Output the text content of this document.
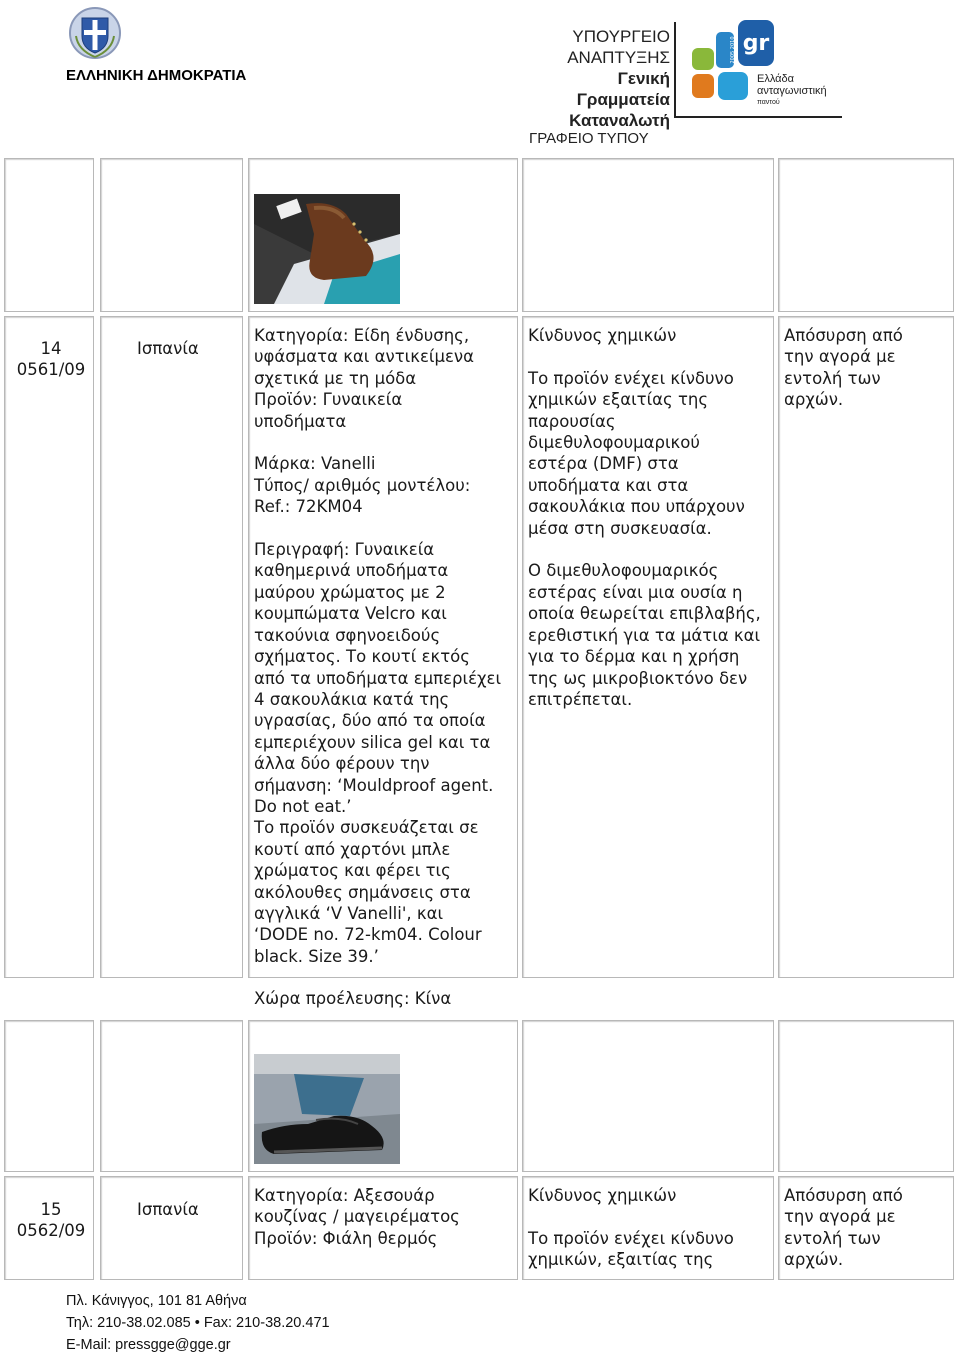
ΕΛΛΗΝΙΚΗ ΔΗΜΟΚΡΑΤΙΑ
ΥΠΟΥΡΓΕΙΟ
ΑΝΑΠΤΥΞΗΣ
Γενική Γραμματεία
Καταναλωτή
gr
2005 2010
Ελλάδα
ανταγωνιστική
παντού
ΓΡΑΦΕΙΟ ΤΥΠΟΥ
14
0561/09
Ισπανία
Κατηγορία: Είδη ένδυσης,
υφάσματα και αντικείμενα
σχετικά με τη μόδα
Προϊόν: Γυναικεία
υποδήματα

Μάρκα: Vanelli
Τύπος/ αριθμός μοντέλου:
Ref.: 72KM04

Περιγραφή: Γυναικεία
καθημερινά υποδήματα
μαύρου χρώματος με 2
κουμπώματα Velcro και
τακούνια σφηνοειδούς
σχήματος. Το κουτί εκτός
από τα υποδήματα εμπεριέχει
4 σακουλάκια κατά της
υγρασίας, δύο από τα οποία
εμπεριέχουν silica gel και τα
άλλα δύο φέρουν την
σήμανση: ‘Mouldproof agent.
Do not eat.’
Το προϊόν συσκευάζεται σε
κουτί από χαρτόνι μπλε
χρώματος και φέρει τις
ακόλουθες σημάνσεις στα
αγγλικά ‘V Vanelli', και
‘DODE no. 72-km04. Colour
black. Size 39.’
Κίνδυνος χημικών

Το προϊόν ενέχει κίνδυνο
χημικών εξαιτίας της
παρουσίας
διμεθυλοφουμαρικού
εστέρα (DMF) στα
υποδήματα και στα
σακουλάκια που υπάρχουν
μέσα στη συσκευασία.

Ο διμεθυλοφουμαρικός
εστέρας είναι μια ουσία η
οποία θεωρείται επιβλαβής,
ερεθιστική για τα μάτια και
για το δέρμα και η χρήση
της ως μικροβιοκτόνο δεν
επιτρέπεται.
Απόσυρση από
την αγορά με
εντολή των
αρχών.
Χώρα προέλευσης: Κίνα
15
0562/09
Ισπανία
Κατηγορία: Αξεσουάρ
κουζίνας / μαγειρέματος
Προϊόν: Φιάλη θερμός
Κίνδυνος χημικών

Το προϊόν ενέχει κίνδυνο
χημικών, εξαιτίας της
Απόσυρση από
την αγορά με
εντολή των
αρχών.
Πλ. Κάνιγγος, 101 81 Αθήνα
Τηλ: 210-38.02.085 • Fax: 210-38.20.471
E-Mail: pressgge@gge.gr
